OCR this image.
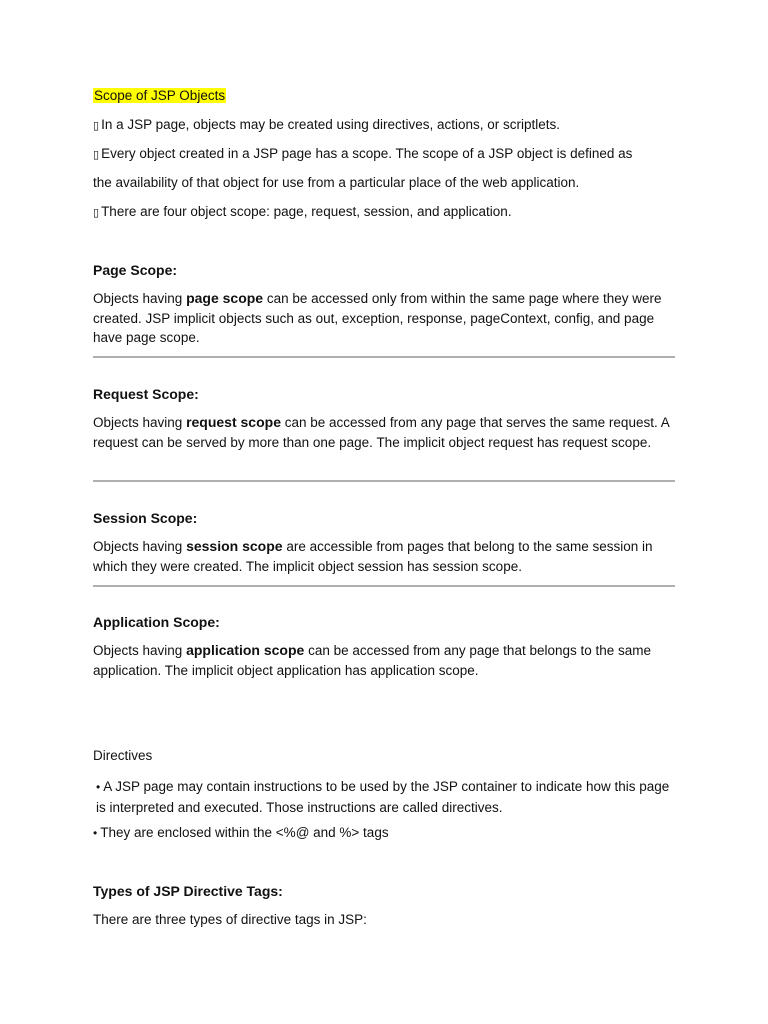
Scope of JSP Objects
▯ In a JSP page, objects may be created using directives, actions, or scriptlets.
▯ Every object created in a JSP page has a scope. The scope of a JSP object is defined as
the availability of that object for use from a particular place of the web application.
▯ There are four object scope: page, request, session, and application.
Page Scope:
Objects having page scope can be accessed only from within the same page where they were created. JSP implicit objects such as out, exception, response, pageContext, config, and page have page scope.
Request Scope:
Objects having request scope can be accessed from any page that serves the same request. A request can be served by more than one page. The implicit object request has request scope.
Session Scope:
Objects having session scope are accessible from pages that belong to the same session in which they were created. The implicit object session has session scope.
Application Scope:
Objects having application scope can be accessed from any page that belongs to the same application. The implicit object application has application scope.
Directives
• A JSP page may contain instructions to be used by the JSP container to indicate how this page is interpreted and executed. Those instructions are called directives.
• They are enclosed within the <%@ and %> tags
Types of JSP Directive Tags:
There are three types of directive tags in JSP:
